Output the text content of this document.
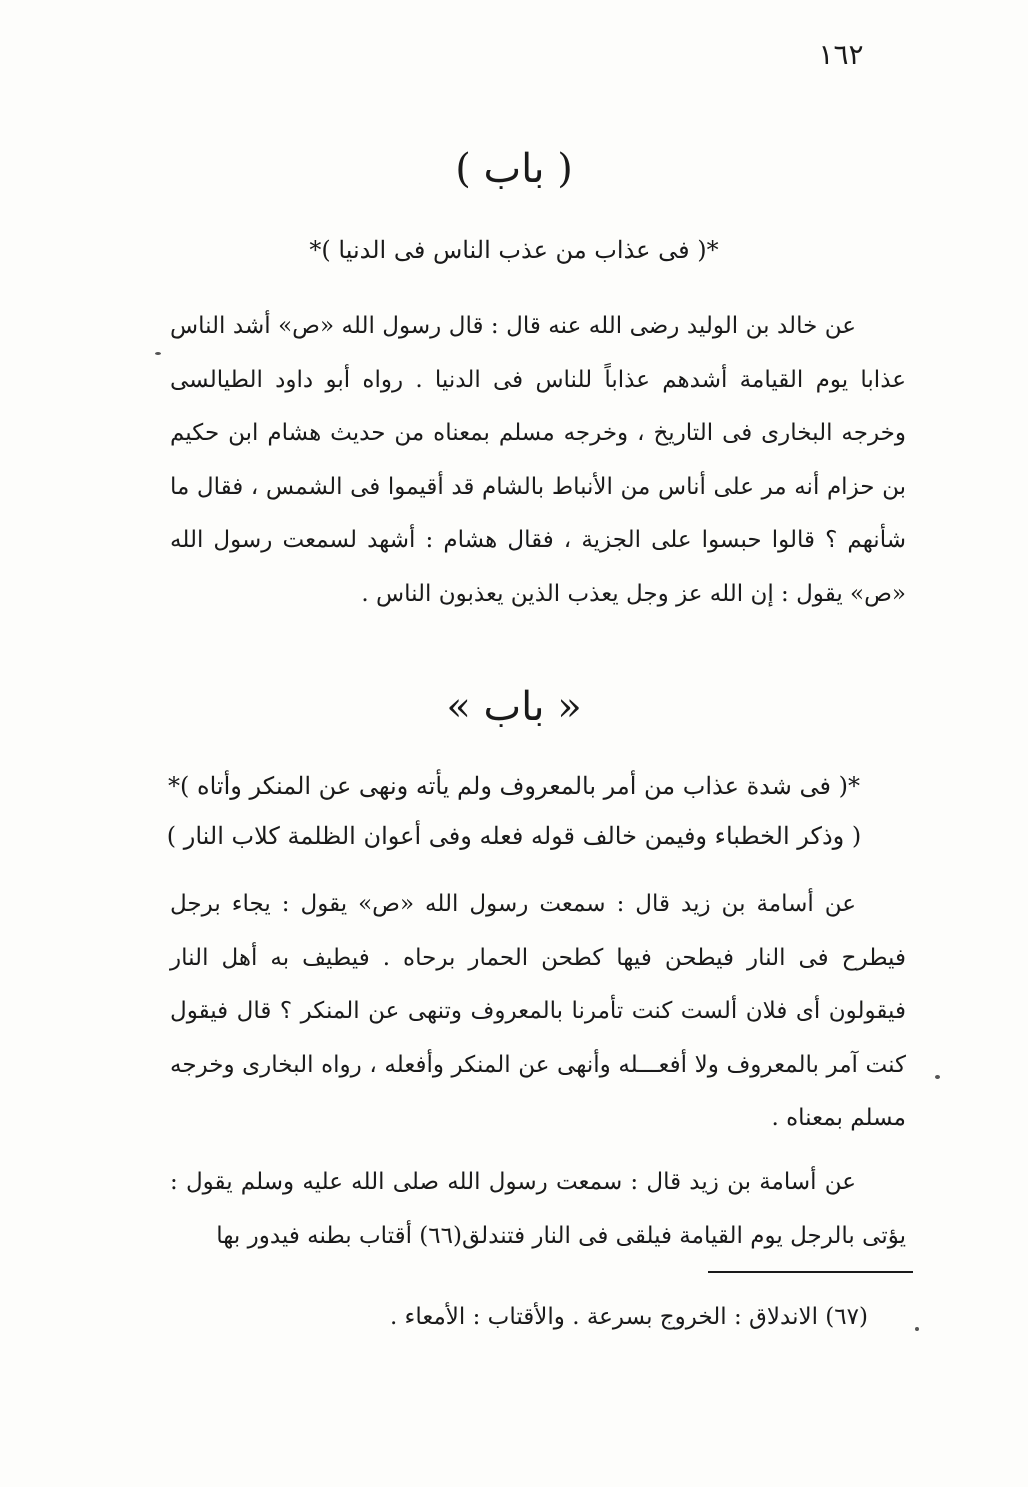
١٦٢
( باب )
*( فى عذاب من عذب الناس فى الدنيا )*
عن خالد بن الوليد رضى الله عنه قال : قال رسول الله «ص» أشد الناس عذابا يوم القيامة أشدهم عذاباً للناس فى الدنيا . رواه أبو داود الطيالسى وخرجه البخارى فى التاريخ ، وخرجه مسلم بمعناه من حديث هشام ابن حكيم بن حزام أنه مر على أناس من الأنباط بالشام قد أقيموا فى الشمس ، فقال ما شأنهم ؟ قالوا حبسوا على الجزية ، فقال هشام : أشهد لسمعت رسول الله «ص» يقول : إن الله عز وجل يعذب الذين يعذبون الناس .
« باب »
*( فى شدة عذاب من أمر بالمعروف ولم يأته ونهى عن المنكر وأتاه )*
( وذكر الخطباء وفيمن خالف قوله فعله وفى أعوان الظلمة كلاب النار )
عن أسامة بن زيد قال : سمعت رسول الله «ص» يقول : يجاء برجل فيطرح فى النار فيطحن فيها كطحن الحمار برحاه . فيطيف به أهل النار فيقولون أى فلان ألست كنت تأمرنا بالمعروف وتنهى عن المنكر ؟ قال فيقول كنت آمر بالمعروف ولا أفعـــله وأنهى عن المنكر وأفعله ، رواه البخارى وخرجه مسلم بمعناه .
عن أسامة بن زيد قال : سمعت رسول الله صلى الله عليه وسلم يقول : يؤتى بالرجل يوم القيامة فيلقى فى النار فتندلق(٦٦) أقتاب بطنه فيدور بها
(٦٧) الاندلاق : الخروج بسرعة . والأقتاب : الأمعاء .
